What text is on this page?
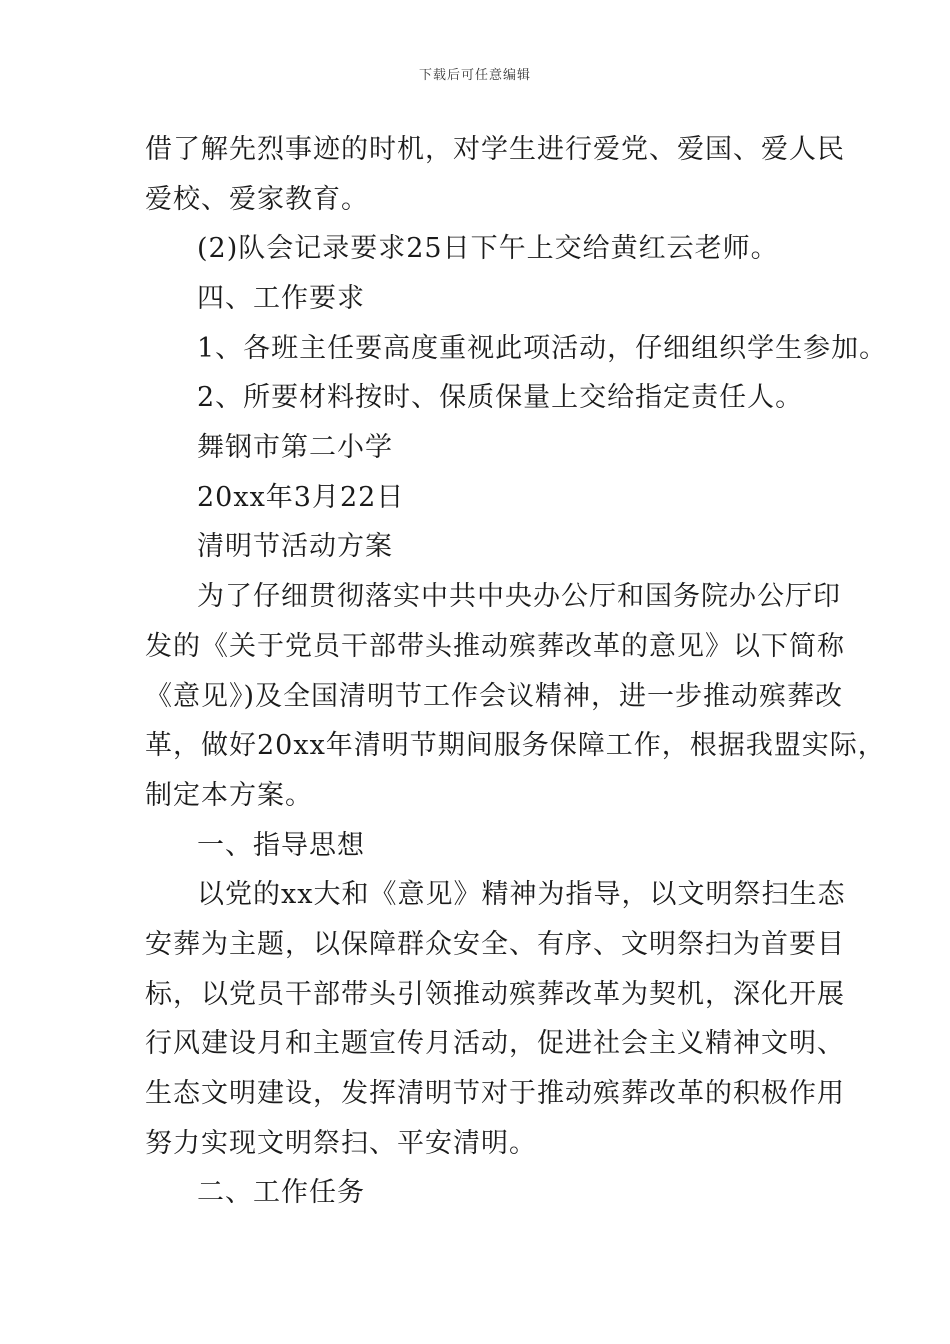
下载后可任意编辑
借了解先烈事迹的时机，对学生进行爱党、爱国、爱人民
爱校、爱家教育。
(2)队会记录要求25日下午上交给黄红云老师。
四、工作要求
1、各班主任要高度重视此项活动，仔细组织学生参加。
2、所要材料按时、保质保量上交给指定责任人。
舞钢市第二小学
20xx年3月22日
清明节活动方案
为了仔细贯彻落实中共中央办公厅和国务院办公厅印
发的《关于党员干部带头推动殡葬改革的意见》以下简称
《意见》)及全国清明节工作会议精神，进一步推动殡葬改
革，做好20xx年清明节期间服务保障工作，根据我盟实际，
制定本方案。
一、指导思想
以党的xx大和《意见》精神为指导，以文明祭扫生态
安葬为主题，以保障群众安全、有序、文明祭扫为首要目
标，以党员干部带头引领推动殡葬改革为契机，深化开展
行风建设月和主题宣传月活动，促进社会主义精神文明、
生态文明建设，发挥清明节对于推动殡葬改革的积极作用
努力实现文明祭扫、平安清明。
二、工作任务
